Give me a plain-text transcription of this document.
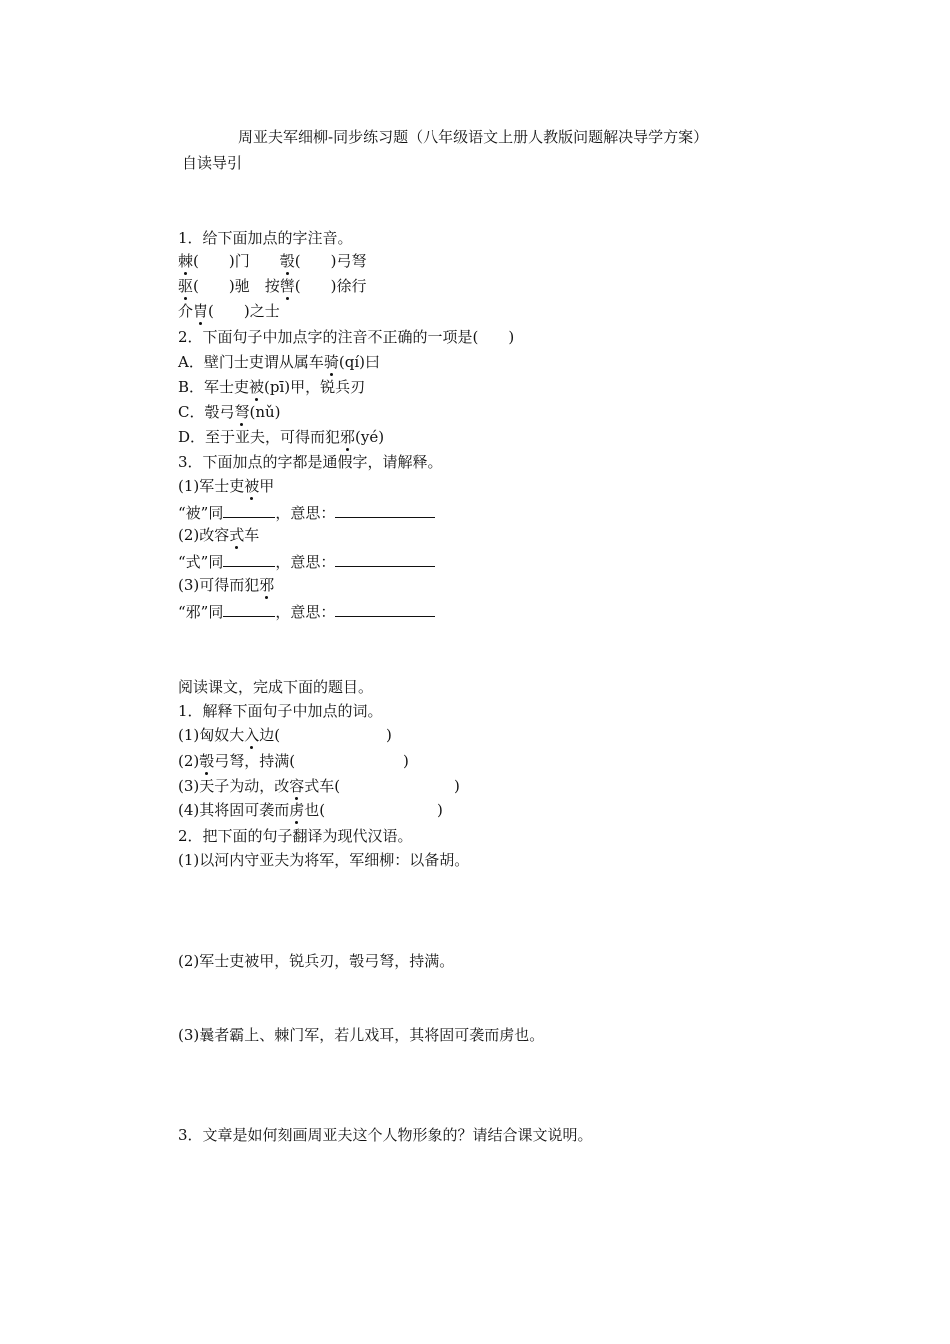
周亚夫军细柳-同步练习题（八年级语文上册人教版问题解决导学方案）
自读导引
1．给下面加点的字注音。
棘(　　)门　　彀(　　)弓弩
驱(　　)驰　按辔(　　)徐行
介胄(　　)之士
2．下面句子中加点字的注音不正确的一项是(　　)
A．壁门士吏谓从属车骑(qí)曰
B．军士吏被(pī)甲，锐兵刃
C．彀弓弩(nǔ)
D．至于亚夫，可得而犯邪(yé)
3．下面加点的字都是通假字，请解释。
(1)军士吏被甲
“被”同	，意思：
(2)改容式车
“式”同	，意思：
(3)可得而犯邪
“邪”同	，意思：
阅读课文，完成下面的题目。
1．解释下面句子中加点的词。
(1)匈奴大入边(	)
(2)彀弓弩，持满(	)
(3)天子为动，改容式车(	)
(4)其将固可袭而虏也(	)
2．把下面的句子翻译为现代汉语。
(1)以河内守亚夫为将军，军细柳：以备胡。
(2)军士吏被甲，锐兵刃，彀弓弩，持满。
(3)曩者霸上、棘门军，若儿戏耳，其将固可袭而虏也。
3．文章是如何刻画周亚夫这个人物形象的？请结合课文说明。
